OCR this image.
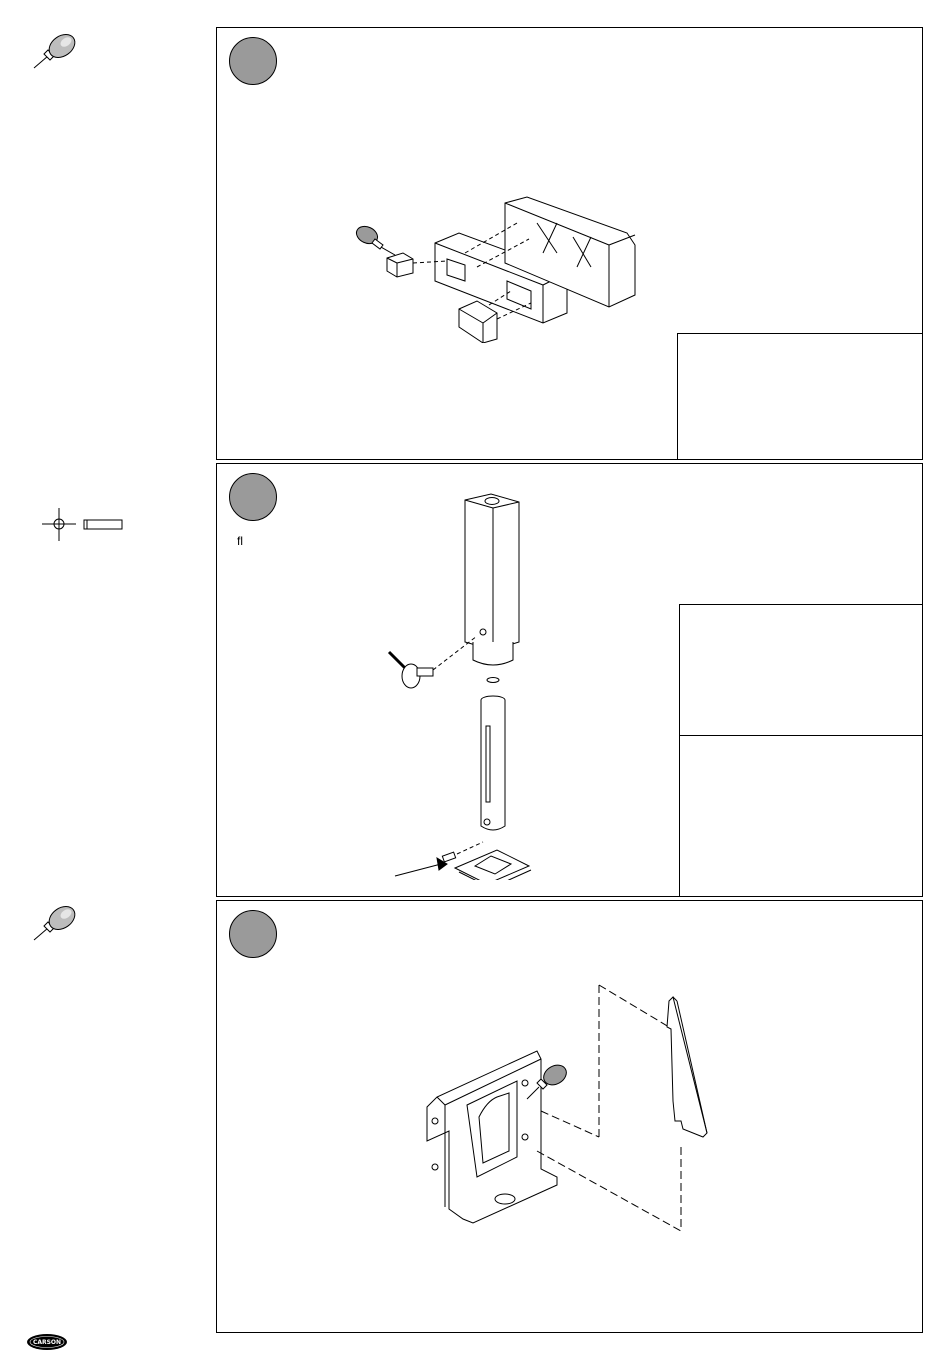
CARSON
ﬂ
